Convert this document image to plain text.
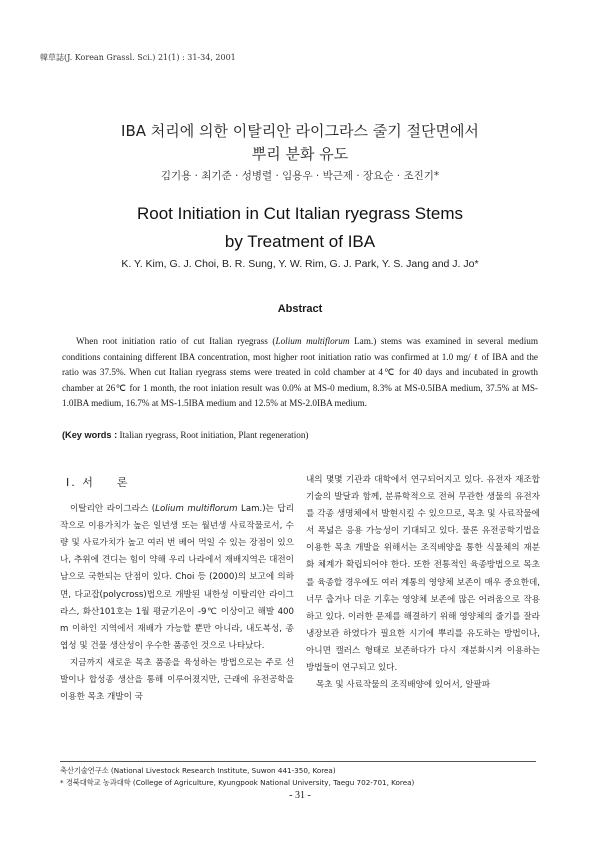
韓草誌(J. Korean Grassl. Sci.) 21(1) : 31-34, 2001
IBA 처리에 의한 이탈리안 라이그라스 줄기 절단면에서
뿌리 분화 유도
김기용 · 최기준 · 성병렬 · 임용우 · 박근제 · 장요순 · 조진기*
Root Initiation in Cut Italian ryegrass Stems
by Treatment of IBA
K. Y. Kim, G. J. Choi, B. R. Sung, Y. W. Rim, G. J. Park, Y. S. Jang and J. Jo*
Abstract

When root initiation ratio of cut Italian ryegrass (Lolium multiflorum Lam.) stems was examined in several medium conditions containing different IBA concentration, most higher root initiation ratio was confirmed at 1.0 mg/ ℓ of IBA and the ratio was 37.5%. When cut Italian ryegrass stems were treated in cold chamber at 4℃ for 40 days and incubated in growth chamber at 26℃ for 1 month, the root iniation result was 0.0% at MS-0 medium, 8.3% at MS-0.5IBA medium, 37.5% at MS-1.0IBA medium, 16.7% at MS-1.5IBA medium and 12.5% at MS-2.0IBA medium.

(Key words : Italian ryegrass, Root initiation, Plant regeneration)

Ⅰ. 서 론

이탈리안 라이그라스 (Lolium multiflorum Lam.)는 답리작으로 이용가치가 높은 일년생 또는 월년생 사료작물로서, 수량 및 사료가치가 높고 여러 번 베어 먹일 수 있는 장점이 있으나, 추위에 견디는 힘이 약해 우리 나라에서 재배지역은 대전이남으로 국한되는 단점이 있다. Choi 등 (2000)의 보고에 의하면, 다교잡(polycross)법으로 개발된 내한성 이탈리안 라이그라스, 화산101호는 1월 평균기온이 -9℃ 이상이고 해발 400 m 이하인 지역에서 재배가 가능할 뿐만 아니라, 내도복성, 종엽성 및 건물 생산성이 우수한 품종인 것으로 나타났다.

지금까지 새로운 목초 품종을 육성하는 방법으로는 주로 선발이나 합성종 생산을 통해 이루어졌지만, 근래에 유전공학을 이용한 목초 개발이 국

내의 몇몇 기관과 대학에서 연구되어지고 있다. 유전자 재조합 기술의 발달과 함께, 분류학적으로 전혀 무관한 생물의 유전자를 각종 생명체에서 발현시킬 수 있으므로, 목초 및 사료작물에서 폭넓은 응용 가능성이 기대되고 있다. 물론 유전공학기법을 이용한 목초 개발을 위해서는 조직배양을 통한 식물체의 재분화 체계가 확립되어야 한다. 또한 전통적인 육종방법으로 목초를 육종할 경우에도 여러 계통의 영양체 보존이 매우 중요한데, 너무 춥거나 더운 기후는 영양체 보존에 많은 어려움으로 작용하고 있다. 이러한 문제를 해결하기 위해 영양체의 줄기를 잘라 냉장보관 하였다가 필요한 시기에 뿌리를 유도하는 방법이나, 아니면 캘러스 형태로 보존하다가 다시 재분화시켜 이용하는 방법들이 연구되고 있다.

목초 및 사료작물의 조직배양에 있어서, 알팔파

축산기술연구소 (National Livestock Research Institute, Suwon 441-350, Korea)
* 경북대학교 농과대학 (College of Agriculture, Kyungpook National University, Taegu 702-701, Korea)
- 31 -
